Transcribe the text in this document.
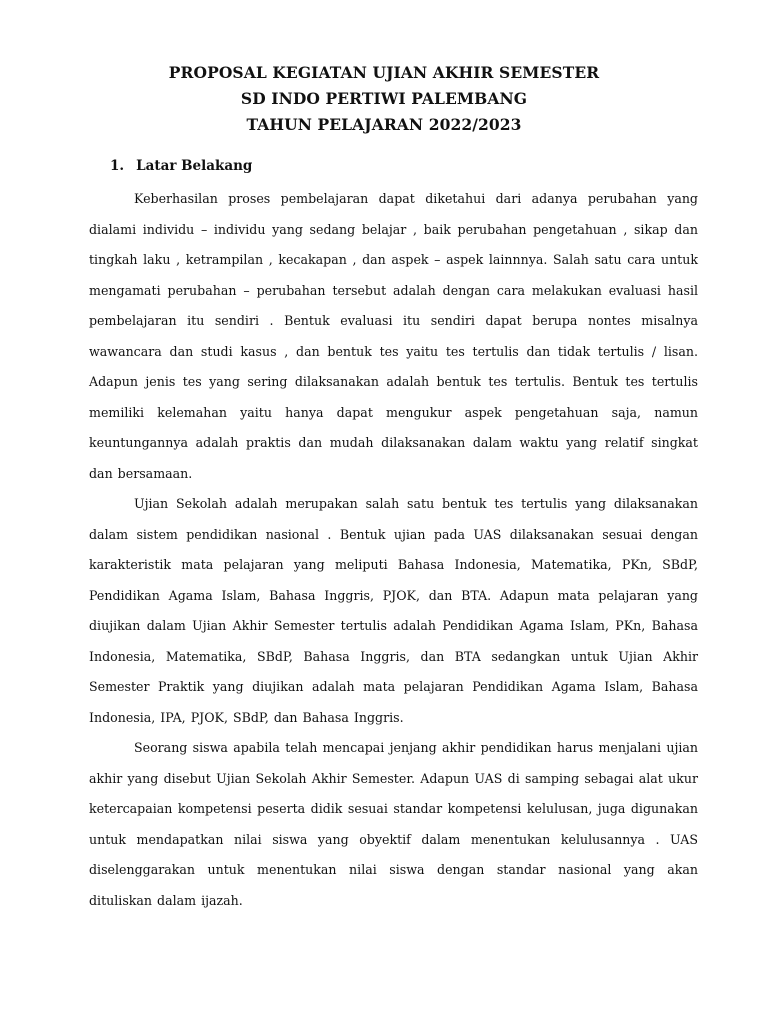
PROPOSAL KEGIATAN UJIAN AKHIR SEMESTER
SD INDO PERTIWI PALEMBANG
TAHUN PELAJARAN 2022/2023
1. Latar Belakang

Keberhasilan proses pembelajaran dapat diketahui dari adanya perubahan yang dialami individu – individu yang sedang belajar , baik perubahan pengetahuan , sikap dan tingkah laku , ketrampilan , kecakapan , dan aspek – aspek lainnnya. Salah satu cara untuk mengamati perubahan – perubahan tersebut adalah dengan cara melakukan evaluasi hasil pembelajaran itu sendiri . Bentuk evaluasi itu sendiri dapat berupa nontes misalnya wawancara dan studi kasus , dan bentuk tes yaitu tes tertulis dan tidak tertulis / lisan. Adapun jenis tes yang sering dilaksanakan adalah bentuk tes tertulis. Bentuk tes tertulis memiliki kelemahan yaitu hanya dapat mengukur aspek pengetahuan saja, namun keuntungannya adalah praktis dan mudah dilaksanakan dalam waktu yang relatif singkat dan bersamaan.

Ujian Sekolah adalah merupakan salah satu bentuk tes tertulis yang dilaksanakan dalam sistem pendidikan nasional . Bentuk ujian pada UAS dilaksanakan sesuai dengan karakteristik mata pelajaran yang meliputi Bahasa Indonesia, Matematika, PKn, SBdP, Pendidikan Agama Islam, Bahasa Inggris, PJOK, dan BTA. Adapun mata pelajaran yang diujikan dalam Ujian Akhir Semester tertulis adalah Pendidikan Agama Islam, PKn, Bahasa Indonesia, Matematika, SBdP, Bahasa Inggris, dan BTA sedangkan untuk Ujian Akhir Semester Praktik yang diujikan adalah mata pelajaran Pendidikan Agama Islam, Bahasa Indonesia, IPA, PJOK, SBdP, dan Bahasa Inggris.

Seorang siswa apabila telah mencapai jenjang akhir pendidikan harus menjalani ujian akhir yang disebut Ujian Sekolah Akhir Semester. Adapun UAS di samping sebagai alat ukur ketercapaian kompetensi peserta didik sesuai standar kompetensi kelulusan, juga digunakan untuk mendapatkan nilai siswa yang obyektif dalam menentukan kelulusannya . UAS diselenggarakan untuk menentukan nilai siswa dengan standar nasional yang akan dituliskan dalam ijazah.
